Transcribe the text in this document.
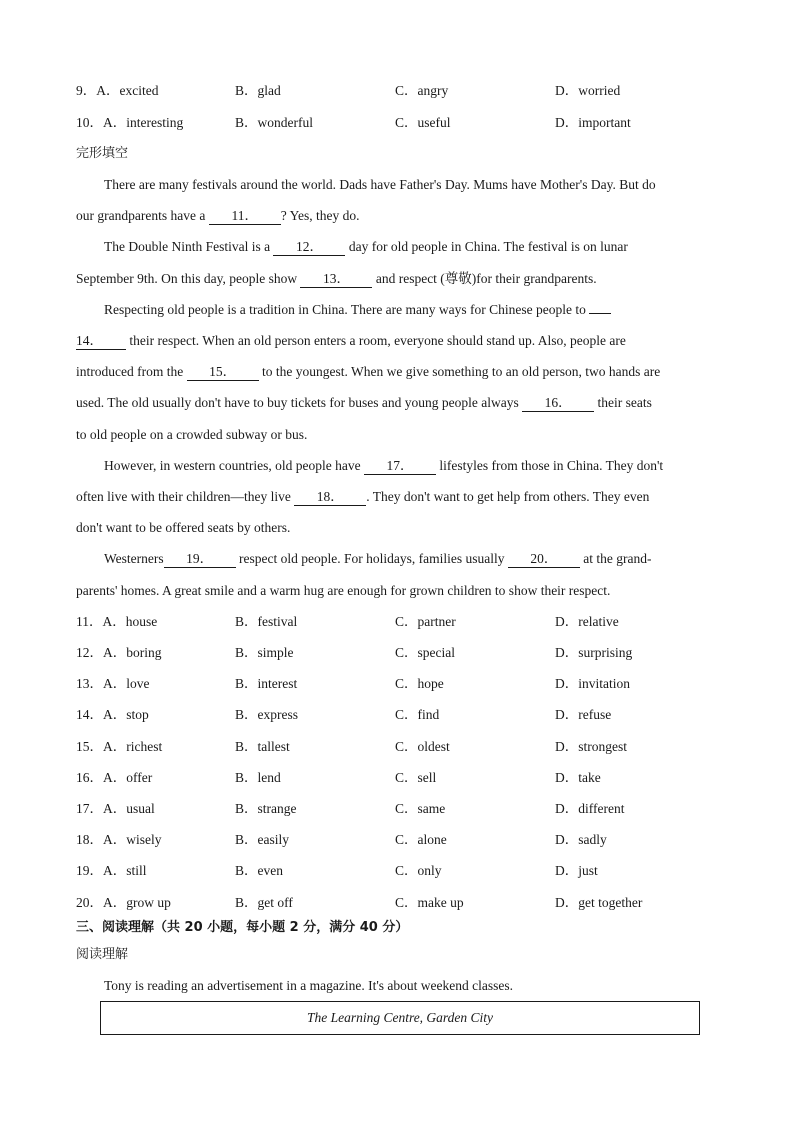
9．A．excited	B．glad	C．angry	D．worried
10．A．interesting	B．wonderful	C．useful	D．important
完形填空
There are many festivals around the world. Dads have Father's Day. Mums have Mother's Day. But do
our grandparents have a 11． ? Yes, they do.
The Double Ninth Festival is a 12． day for old people in China. The festival is on lunar
September 9th. On this day, people show 13． and respect (尊敬)for their grandparents.
Respecting old people is a tradition in China. There are many ways for Chinese people to
14． their respect. When an old person enters a room, everyone should stand up. Also, people are
introduced from the 15． to the youngest. When we give something to an old person, two hands are
used. The old usually don't have to buy tickets for buses and young people always 16． their seats
to old people on a crowded subway or bus.
However, in western countries, old people have 17． lifestyles from those in China. They don't
often live with their children—they live 18． . They don't want to get help from others. They even
don't want to be offered seats by others.
Westerners 19． respect old people. For holidays, families usually 20． at the grand-
parents' homes. A great smile and a warm hug are enough for grown children to show their respect.
11．A．house	B．festival	C．partner	D．relative
12．A．boring	B．simple	C．special	D．surprising
13．A．love	B．interest	C．hope	D．invitation
14．A．stop	B．express	C．find	D．refuse
15．A．richest	B．tallest	C．oldest	D．strongest
16．A．offer	B．lend	C．sell	D．take
17．A．usual	B．strange	C．same	D．different
18．A．wisely	B．easily	C．alone	D．sadly
19．A．still	B．even	C．only	D．just
20．A．grow up	B．get off	C．make up	D．get together
三、阅读理解（共 20 小题，每小题 2 分，满分 40 分）
阅读理解
Tony is reading an advertisement in a magazine. It's about weekend classes.
The Learning Centre, Garden City
